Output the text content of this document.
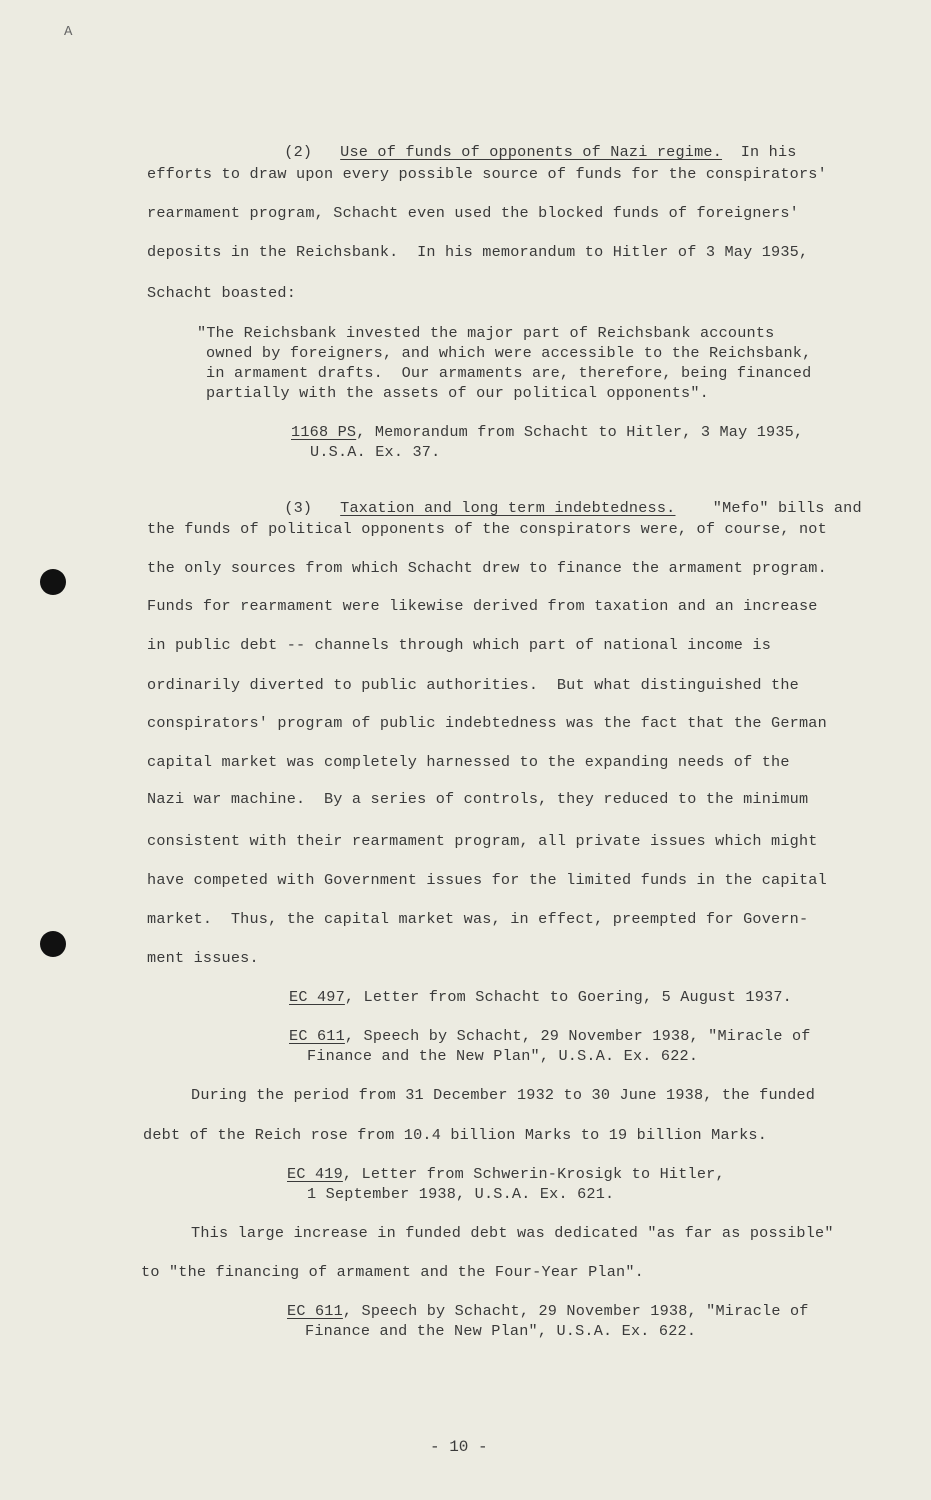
A

(2) Use of funds of opponents of Nazi regime. In his

efforts to draw upon every possible source of funds for the conspirators'
rearmament program, Schacht even used the blocked funds of foreigners'
deposits in the Reichsbank.  In his memorandum to Hitler of 3 May 1935,
Schacht boasted:
"The Reichsbank invested the major part of Reichsbank accounts
owned by foreigners, and which were accessible to the Reichsbank,
in armament drafts.  Our armaments are, therefore, being financed
partially with the assets of our political opponents".
1168 PS, Memorandum from Schacht to Hitler, 3 May 1935,
U.S.A. Ex. 37.

(3) Taxation and long term indebtedness. "Mefo" bills and

the funds of political opponents of the conspirators were, of course, not
the only sources from which Schacht drew to finance the armament program.
Funds for rearmament were likewise derived from taxation and an increase
in public debt -- channels through which part of national income is
ordinarily diverted to public authorities.  But what distinguished the
conspirators' program of public indebtedness was the fact that the German
capital market was completely harnessed to the expanding needs of the
Nazi war machine.  By a series of controls, they reduced to the minimum
consistent with their rearmament program, all private issues which might
have competed with Government issues for the limited funds in the capital
market.  Thus, the capital market was, in effect, preempted for Govern-
ment issues.
EC 497, Letter from Schacht to Goering, 5 August 1937.
EC 611, Speech by Schacht, 29 November 1938, "Miracle of
Finance and the New Plan", U.S.A. Ex. 622.
During the period from 31 December 1932 to 30 June 1938, the funded
debt of the Reich rose from 10.4 billion Marks to 19 billion Marks.
EC 419, Letter from Schwerin-Krosigk to Hitler,
1 September 1938, U.S.A. Ex. 621.
This large increase in funded debt was dedicated "as far as possible"
to "the financing of armament and the Four-Year Plan".
EC 611, Speech by Schacht, 29 November 1938, "Miracle of
Finance and the New Plan", U.S.A. Ex. 622.
- 10 -
